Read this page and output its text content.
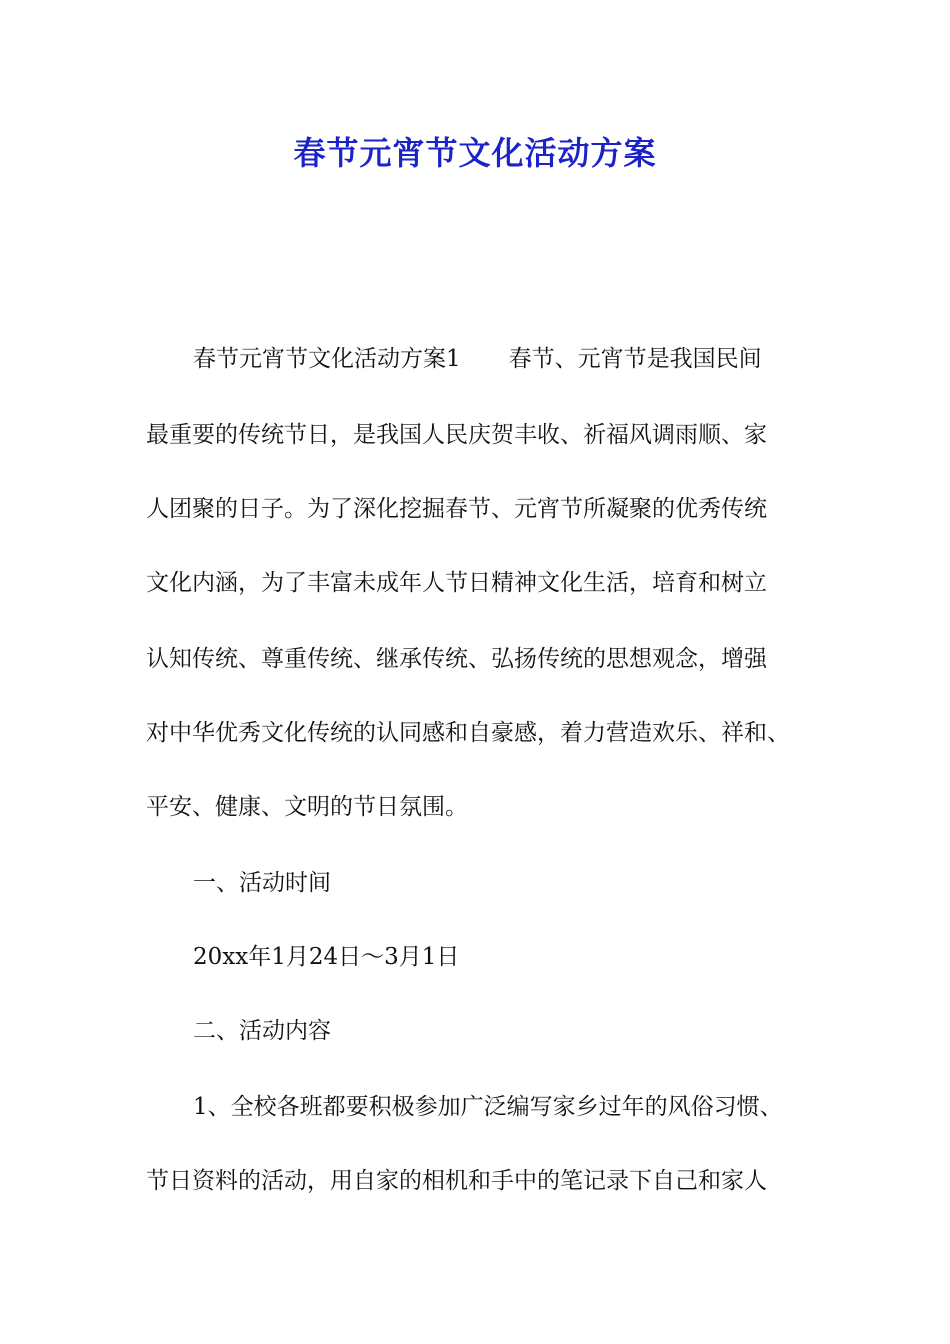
春节元宵节文化活动方案
春节元宵节文化活动方案1 春节、元宵节是我国民间
最重要的传统节日，是我国人民庆贺丰收、祈福风调雨顺、家
人团聚的日子。为了深化挖掘春节、元宵节所凝聚的优秀传统
文化内涵，为了丰富未成年人节日精神文化生活，培育和树立
认知传统、尊重传统、继承传统、弘扬传统的思想观念，增强
对中华优秀文化传统的认同感和自豪感，着力营造欢乐、祥和、
平安、健康、文明的节日氛围。
一、活动时间
20xx年1月24日～3月1日
二、活动内容
1、全校各班都要积极参加广泛编写家乡过年的风俗习惯、
节日资料的活动，用自家的相机和手中的笔记录下自己和家人
